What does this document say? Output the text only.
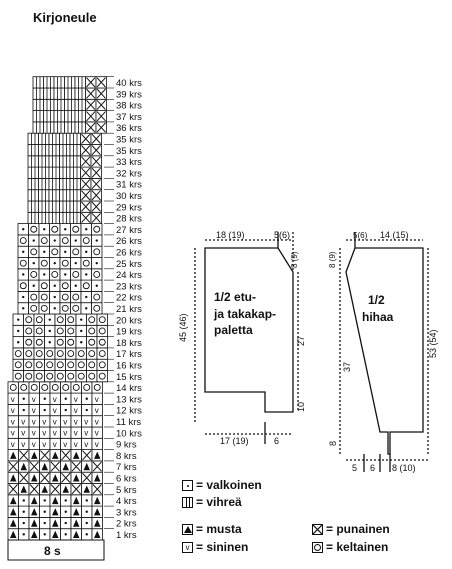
Kirjoneule
1 krs
2 krs
3 krs
4 krs
5 krs
6 krs
7 krs
8 krs
v v v v v v v v v 9 krs
v v v v v v v v v 10 krs
v v v v v v v v v 11 krs
v v v v v 12 krs
v v v v v 13 krs
14 krs
15 krs
16 krs
17 krs
18 krs
19 krs
20 krs
21 krs
22 krs
23 krs
24 krs
25 krs
26 krs
26 krs
27 krs
28 krs
29 krs
30 krs
31 krs
32 krs
33 krs
35 krs
35 krs
36 krs
37 krs
38 krs
39 krs
40 krs
8 s
18 (19)	5(6)
8 (9)
45 (46)	27
10
17 (19)	6
1/2 etu-
ja takakap-
paletta
5(6) 14 (15)
8 (9)
37
53 (54)
8
5 6 8 (10)
1/2
hihaa
= valkoinen
= vihreä
= musta
v = sininen
= punainen
= keltainen
